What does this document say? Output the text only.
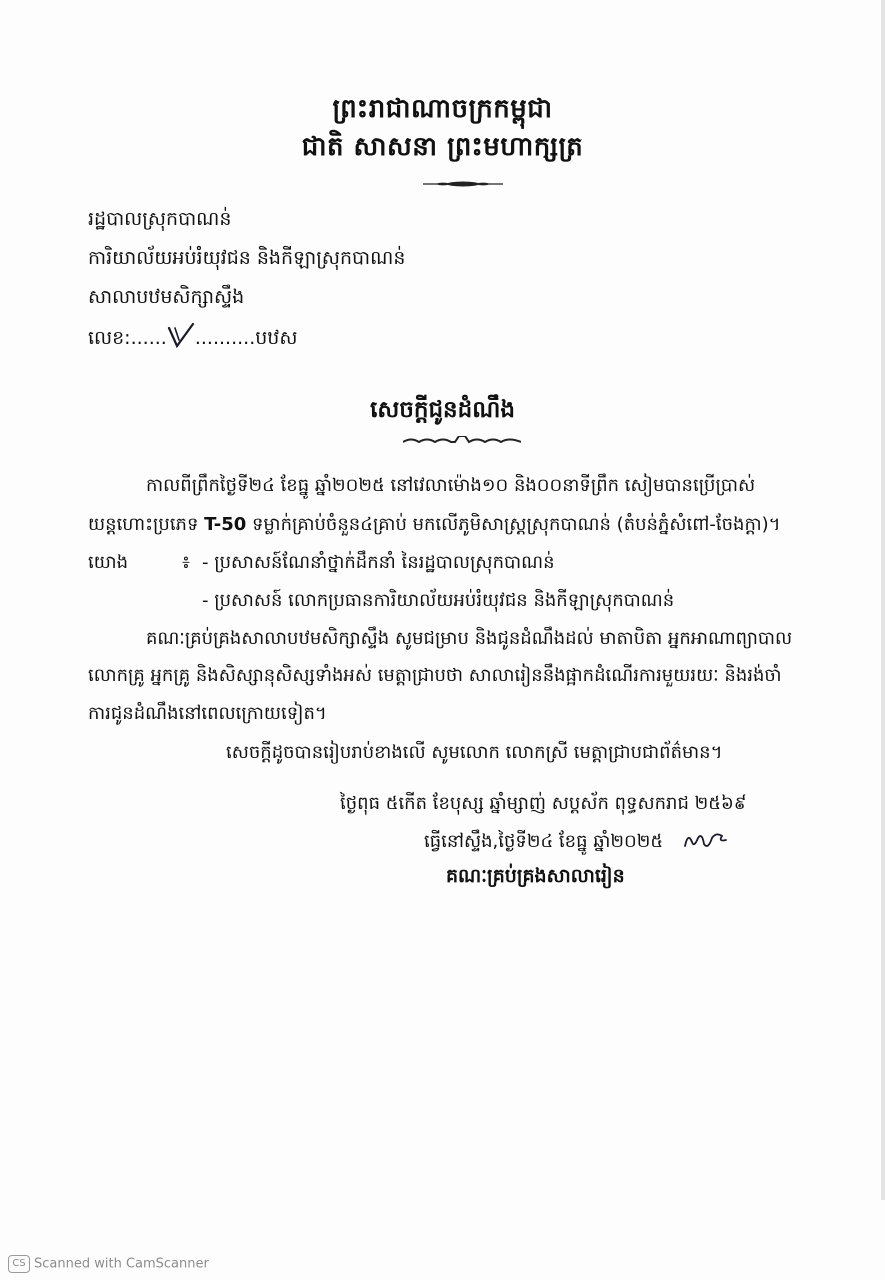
ព្រះរាជាណាចក្រកម្ពុជា
ជាតិ សាសនា ព្រះមហាក្សត្រ
រដ្ឋបាលស្រុកបាណន់
ការិយាល័យអប់រំយុវជន និងកីឡាស្រុកបាណន់
សាលាបឋមសិក្សាស្ទឹង
លេខ:...... ..........បឋស
សេចក្ដីជូនដំណឹង
កាលពីព្រឹកថ្ងៃទី២៤ ខែធ្នូ ឆ្នាំ២០២៥ នៅវេលាម៉ោង១០ និង០០នាទីព្រឹក សៀមបានប្រើប្រាស់
យន្តហោះប្រភេទ T-50 ទម្លាក់គ្រាប់ចំនួន៤គ្រាប់ មកលើភូមិសាស្ត្រស្រុកបាណន់ (តំបន់ភ្នំសំពៅ-ចែងក្ដា)។
យោង	៖ - ប្រសាសន៍ណែនាំថ្នាក់ដឹកនាំ នៃរដ្ឋបាលស្រុកបាណន់
- ប្រសាសន៍ លោកប្រធានការិយាល័យអប់រំយុវជន និងកីឡាស្រុកបាណន់
គណៈគ្រប់គ្រងសាលាបឋមសិក្សាស្ទឹង សូមជម្រាប និងជូនដំណឹងដល់ មាតាបិតា អ្នកអាណាព្យាបាល
លោកគ្រូ អ្នកគ្រូ និងសិស្សានុសិស្សទាំងអស់ មេត្តាជ្រាបថា សាលារៀននឹងផ្អាកដំណើរការមួយរយៈ និងរង់ចាំ
ការជូនដំណឹងនៅពេលក្រោយទៀត។
សេចក្ដីដូចបានរៀបរាប់ខាងលើ សូមលោក លោកស្រី មេត្តាជ្រាបជាព័ត៌មាន។
ថ្ងៃពុធ ៥កើត ខែបុស្ស ឆ្នាំម្សាញ់ សប្តស័ក ពុទ្ធសករាជ ២៥៦៩
ធ្វើនៅស្ទឹង,ថ្ងៃទី២៤ ខែធ្នូ ឆ្នាំ២០២៥
គណៈគ្រប់គ្រងសាលារៀន
CS Scanned with CamScanner
